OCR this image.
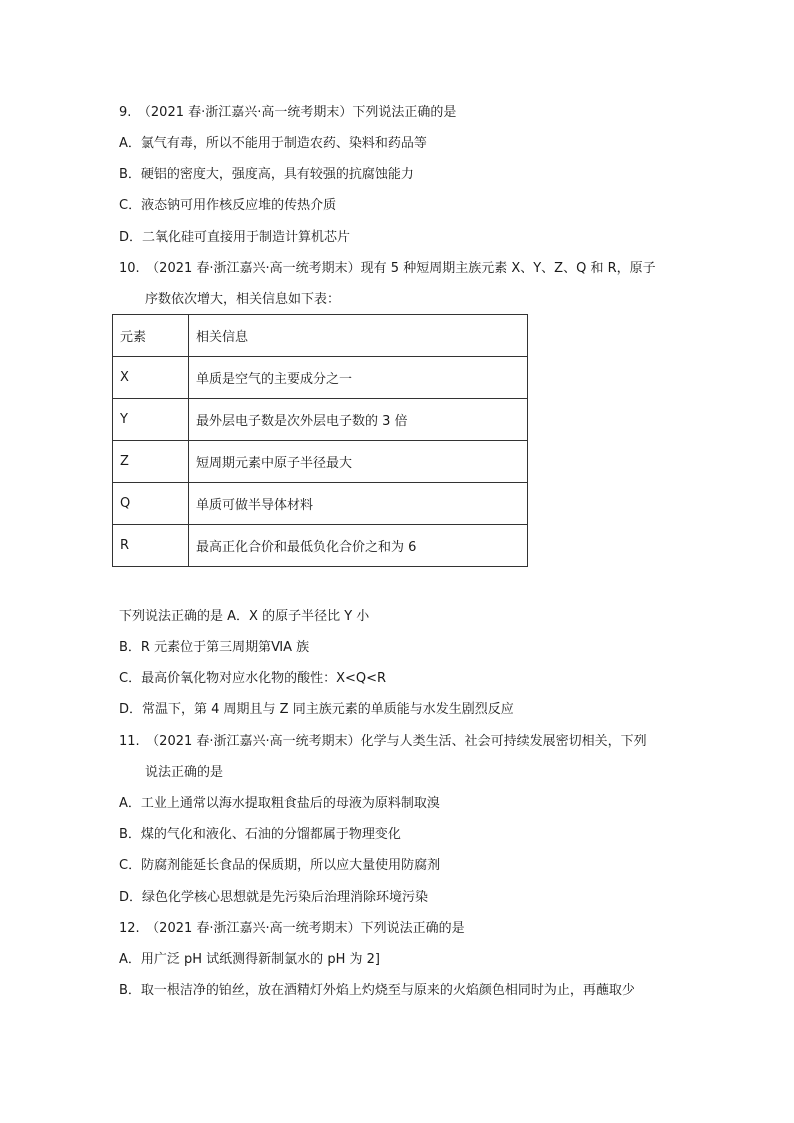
9.　（2021 春·浙江嘉兴·高一统考期末）下列说法正确的是
A．氯气有毒，所以不能用于制造农药、染料和药品等
B．硬铝的密度大，强度高，具有较强的抗腐蚀能力
C．液态钠可用作核反应堆的传热介质
D．二氧化硅可直接用于制造计算机芯片
10.　（2021 春·浙江嘉兴·高一统考期末）现有 5 种短周期主族元素 X、Y、Z、Q 和 R，原子
序数依次增大，相关信息如下表：
元素	相关信息
X	单质是空气的主要成分之一
Y	最外层电子数是次外层电子数的 3 倍
Z	短周期元素中原子半径最大
Q	单质可做半导体材料
R	最高正化合价和最低负化合价之和为 6
下列说法正确的是 A．X 的原子半径比 Y 小
B．R 元素位于第三周期第ⅥA 族
C．最高价氧化物对应水化物的酸性：X<Q<R
D．常温下，第 4 周期且与 Z 同主族元素的单质能与水发生剧烈反应
11.　（2021 春·浙江嘉兴·高一统考期末）化学与人类生活、社会可持续发展密切相关，下列
说法正确的是
A．工业上通常以海水提取粗食盐后的母液为原料制取溴
B．煤的气化和液化、石油的分馏都属于物理变化
C．防腐剂能延长食品的保质期，所以应大量使用防腐剂
D．绿色化学核心思想就是先污染后治理消除环境污染
12.　（2021 春·浙江嘉兴·高一统考期末）下列说法正确的是
A．用广泛 pH 试纸测得新制氯水的 pH 为 2]
B．取一根洁净的铂丝，放在酒精灯外焰上灼烧至与原来的火焰颜色相同时为止，再蘸取少
